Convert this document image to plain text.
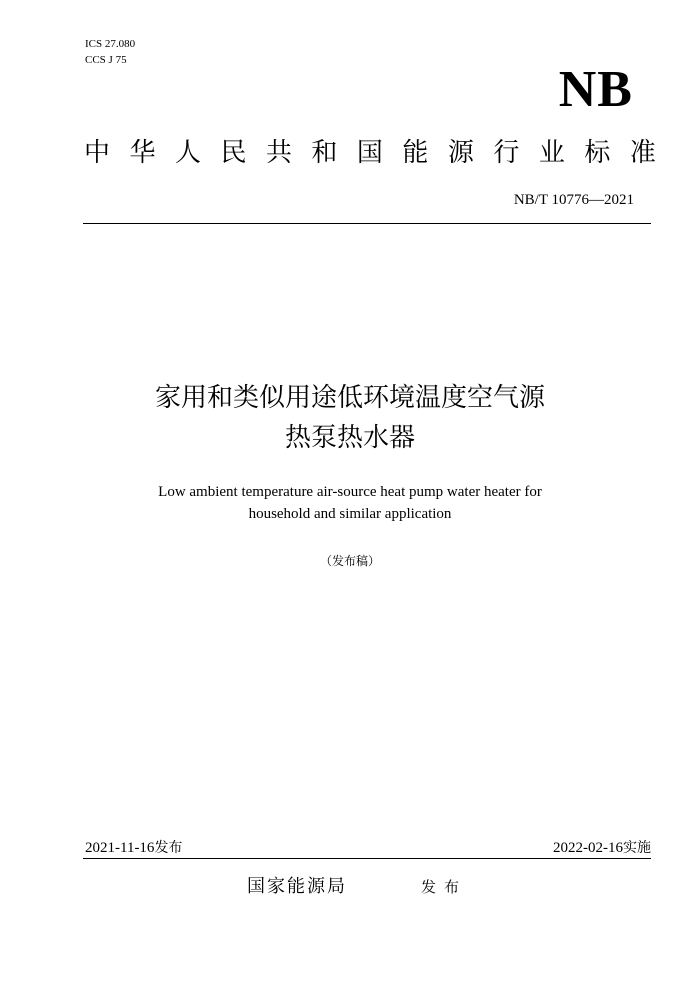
ICS 27.080
CCS J 75
NB
中 华 人 民 共 和 国 能 源 行 业 标 准
NB/T 10776—2021
家用和类似用途低环境温度空气源
热泵热水器
Low ambient temperature air-source heat pump water heater for
household and similar application
（发布稿）
2021-11-16发布	2022-02-16实施
国家能源局	发布
